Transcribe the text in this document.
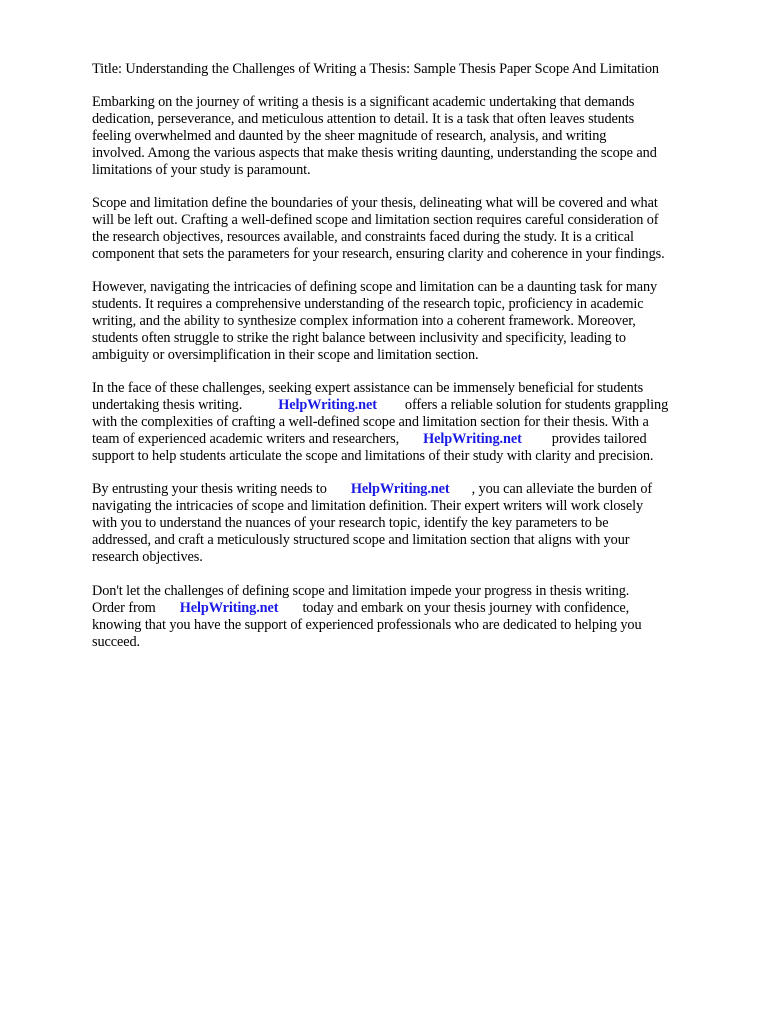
Title: Understanding the Challenges of Writing a Thesis: Sample Thesis Paper Scope And Limitation

Embarking on the journey of writing a thesis is a significant academic undertaking that demands
dedication, perseverance, and meticulous attention to detail. It is a task that often leaves students
feeling overwhelmed and daunted by the sheer magnitude of research, analysis, and writing
involved. Among the various aspects that make thesis writing daunting, understanding the scope and
limitations of your study is paramount.
Scope and limitation define the boundaries of your thesis, delineating what will be covered and what
will be left out. Crafting a well-defined scope and limitation section requires careful consideration of
the research objectives, resources available, and constraints faced during the study. It is a critical
component that sets the parameters for your research, ensuring clarity and coherence in your findings.
However, navigating the intricacies of defining scope and limitation can be a daunting task for many
students. It requires a comprehensive understanding of the research topic, proficiency in academic
writing, and the ability to synthesize complex information into a coherent framework. Moreover,
students often struggle to strike the right balance between inclusivity and specificity, leading to
ambiguity or oversimplification in their scope and limitation section.
In the face of these challenges, seeking expert assistance can be immensely beneficial for students
undertaking thesis writing.	HelpWriting.net offers a reliable solution for students grappling
with the complexities of crafting a well-defined scope and limitation section for their thesis. With a
team of experienced academic writers and researchers, HelpWriting.net provides tailored
support to help students articulate the scope and limitations of their study with clarity and precision.
By entrusting your thesis writing needs to HelpWriting.net , you can alleviate the burden of
navigating the intricacies of scope and limitation definition. Their expert writers will work closely
with you to understand the nuances of your research topic, identify the key parameters to be
addressed, and craft a meticulously structured scope and limitation section that aligns with your
research objectives.
Don't let the challenges of defining scope and limitation impede your progress in thesis writing.
Order from HelpWriting.net today and embark on your thesis journey with confidence,
knowing that you have the support of experienced professionals who are dedicated to helping you
succeed.
